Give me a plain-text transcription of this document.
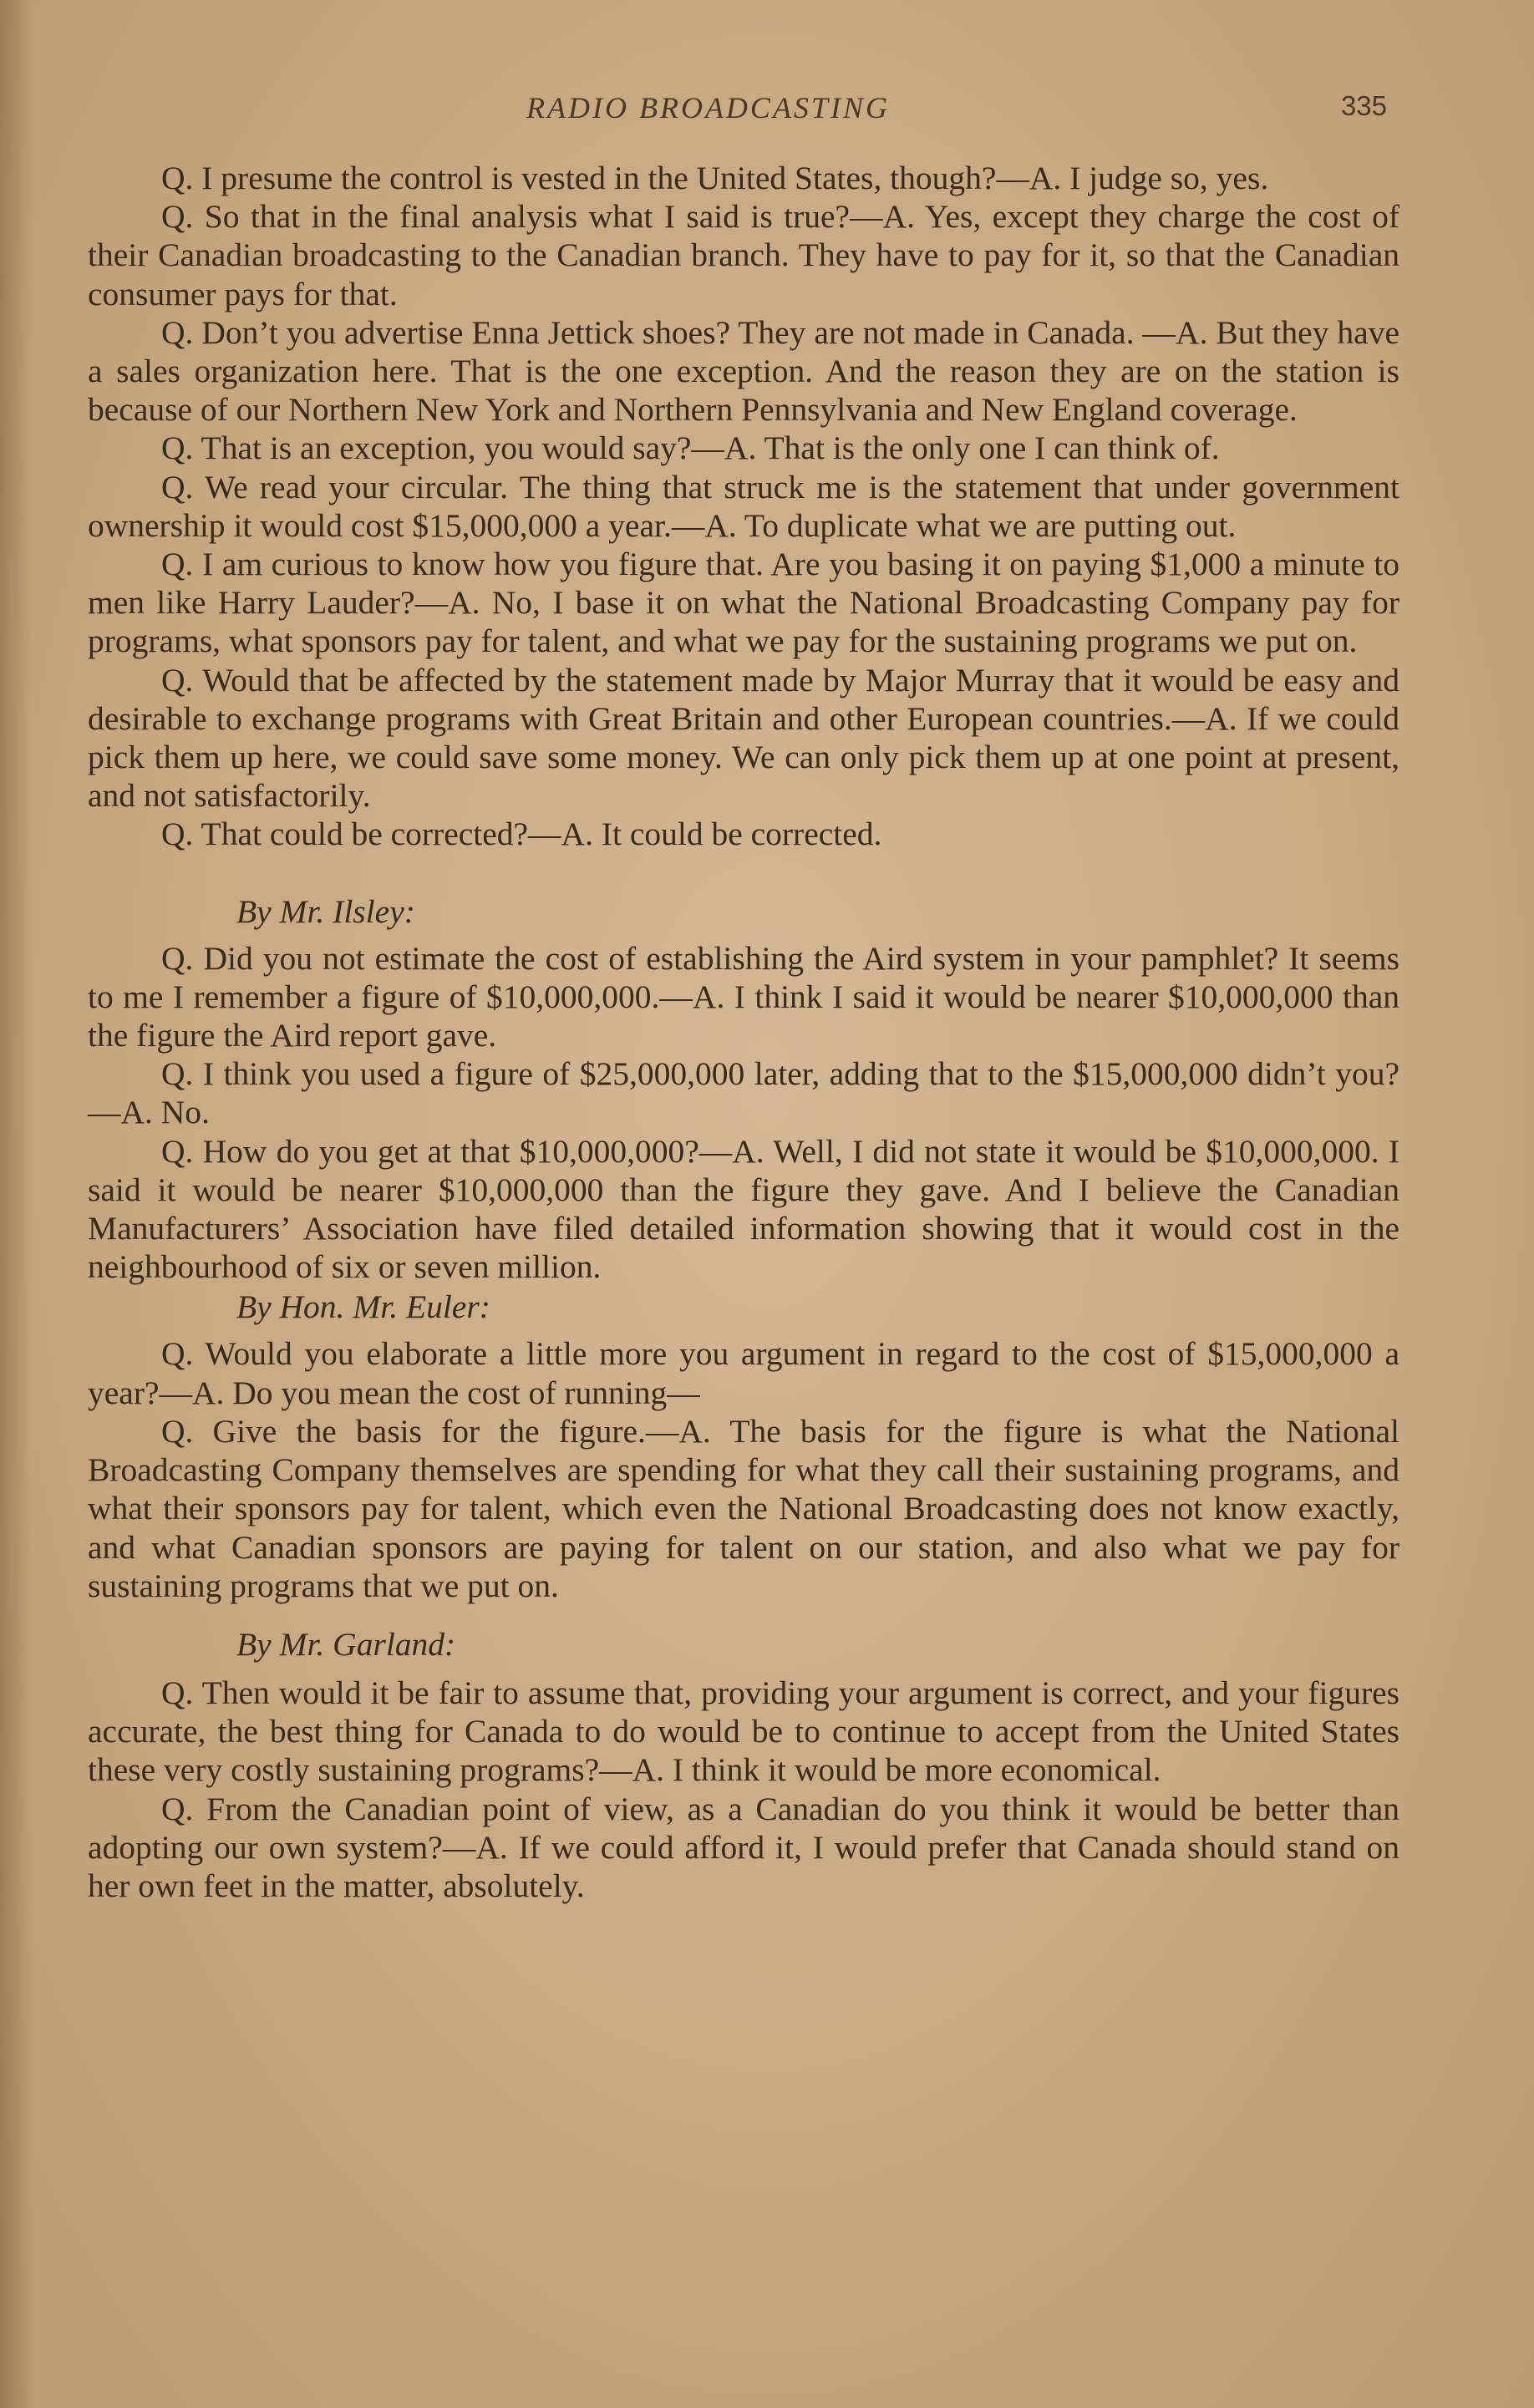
RADIO BROADCASTING	335

Q. I presume the control is vested in the United States, though?—A. I judge so, yes.

Q. So that in the final analysis what I said is true?—A. Yes, except they charge the cost of their Canadian broadcasting to the Canadian branch. They have to pay for it, so that the Canadian consumer pays for that.

Q. Don’t you advertise Enna Jettick shoes? They are not made in Canada. —A. But they have a sales organization here. That is the one exception. And the reason they are on the station is because of our Northern New York and Northern Pennsylvania and New England coverage.

Q. That is an exception, you would say?—A. That is the only one I can think of.

Q. We read your circular. The thing that struck me is the statement that under government ownership it would cost $15,000,000 a year.—A. To duplicate what we are putting out.

Q. I am curious to know how you figure that. Are you basing it on paying $1,000 a minute to men like Harry Lauder?—A. No, I base it on what the National Broadcasting Company pay for programs, what sponsors pay for talent, and what we pay for the sustaining programs we put on.

Q. Would that be affected by the statement made by Major Murray that it would be easy and desirable to exchange programs with Great Britain and other European countries.—A. If we could pick them up here, we could save some money. We can only pick them up at one point at present, and not satisfactorily.

Q. That could be corrected?—A. It could be corrected.

By Mr. Ilsley:

Q. Did you not estimate the cost of establishing the Aird system in your pamphlet? It seems to me I remember a figure of $10,000,000.—A. I think I said it would be nearer $10,000,000 than the figure the Aird report gave.

Q. I think you used a figure of $25,000,000 later, adding that to the $15,000,000 didn’t you?—A. No.

Q. How do you get at that $10,000,000?—A. Well, I did not state it would be $10,000,000. I said it would be nearer $10,000,000 than the figure they gave. And I believe the Canadian Manufacturers’ Association have filed detailed information showing that it would cost in the neighbourhood of six or seven million.

By Hon. Mr. Euler:

Q. Would you elaborate a little more you argument in regard to the cost of $15,000,000 a year?—A. Do you mean the cost of running—

Q. Give the basis for the figure.—A. The basis for the figure is what the National Broadcasting Company themselves are spending for what they call their sustaining programs, and what their sponsors pay for talent, which even the National Broadcasting does not know exactly, and what Canadian sponsors are paying for talent on our station, and also what we pay for sustaining programs that we put on.

By Mr. Garland:

Q. Then would it be fair to assume that, providing your argument is correct, and your figures accurate, the best thing for Canada to do would be to continue to accept from the United States these very costly sustaining programs?—A. I think it would be more economical.

Q. From the Canadian point of view, as a Canadian do you think it would be better than adopting our own system?—A. If we could afford it, I would prefer that Canada should stand on her own feet in the matter, absolutely.
